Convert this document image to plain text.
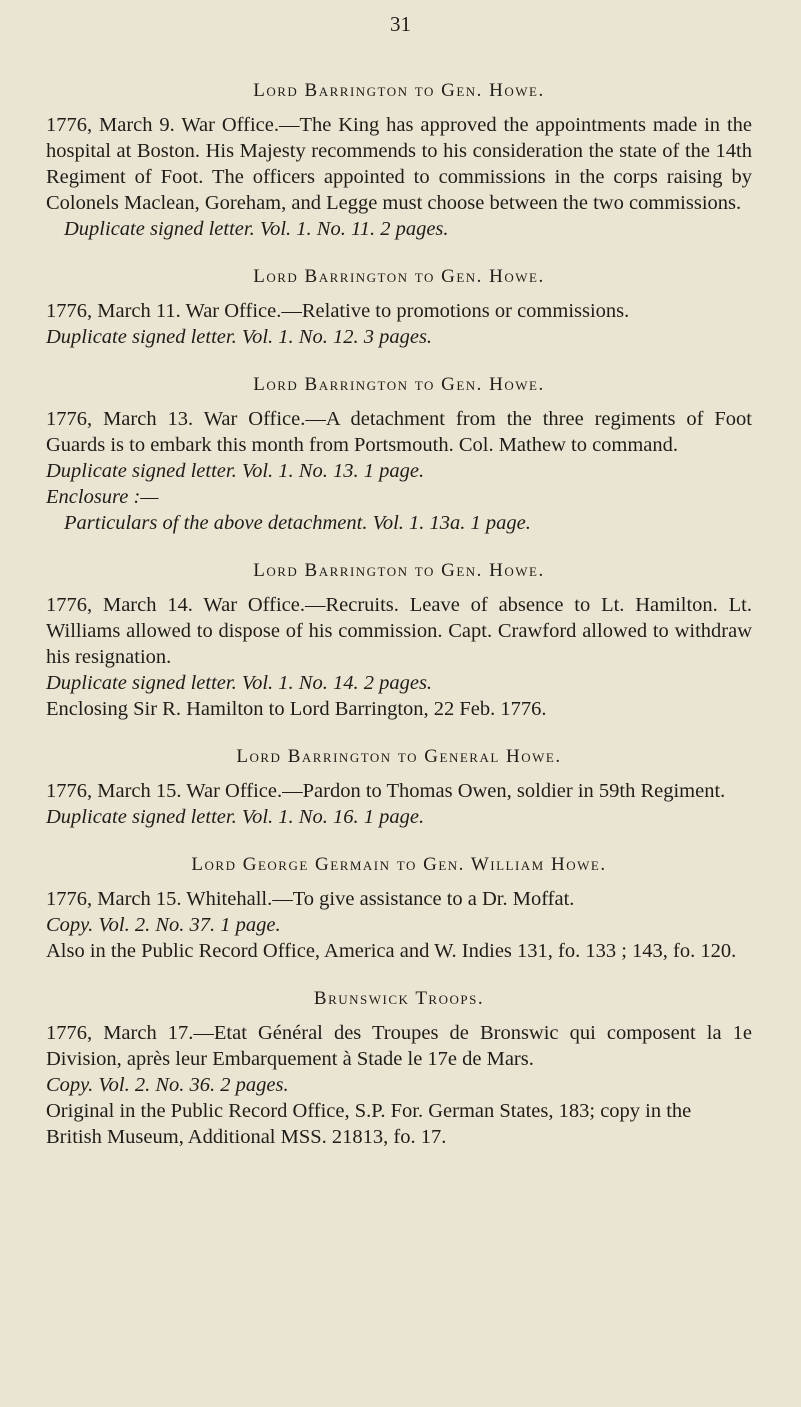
31

Lord Barrington to Gen. Howe.

1776, March 9. War Office.—The King has approved the appointments made in the hospital at Boston. His Majesty recommends to his consideration the state of the 14th Regiment of Foot. The officers appointed to commissions in the corps raising by Colonels Maclean, Goreham, and Legge must choose between the two commissions.

Duplicate signed letter. Vol. 1. No. 11. 2 pages.

Lord Barrington to Gen. Howe.

1776, March 11. War Office.—Relative to promotions or commissions.

Duplicate signed letter. Vol. 1. No. 12. 3 pages.

Lord Barrington to Gen. Howe.

1776, March 13. War Office.—A detachment from the three regiments of Foot Guards is to embark this month from Portsmouth. Col. Mathew to command.

Duplicate signed letter. Vol. 1. No. 13. 1 page.

Enclosure :—

Particulars of the above detachment. Vol. 1. 13a. 1 page.

Lord Barrington to Gen. Howe.

1776, March 14. War Office.—Recruits. Leave of absence to Lt. Hamilton. Lt. Williams allowed to dispose of his commission. Capt. Crawford allowed to withdraw his resignation.

Duplicate signed letter. Vol. 1. No. 14. 2 pages.

Enclosing Sir R. Hamilton to Lord Barrington, 22 Feb. 1776.

Lord Barrington to General Howe.

1776, March 15. War Office.—Pardon to Thomas Owen, soldier in 59th Regiment.

Duplicate signed letter. Vol. 1. No. 16. 1 page.

Lord George Germain to Gen. William Howe.

1776, March 15. Whitehall.—To give assistance to a Dr. Moffat.

Copy. Vol. 2. No. 37. 1 page.

Also in the Public Record Office, America and W. Indies 131, fo. 133 ; 143, fo. 120.

Brunswick Troops.

1776, March 17.—Etat Général des Troupes de Bronswic qui composent la 1e Division, après leur Embarquement à Stade le 17e de Mars.

Copy. Vol. 2. No. 36. 2 pages.

Original in the Public Record Office, S.P. For. German States, 183; copy in the British Museum, Additional MSS. 21813, fo. 17.
